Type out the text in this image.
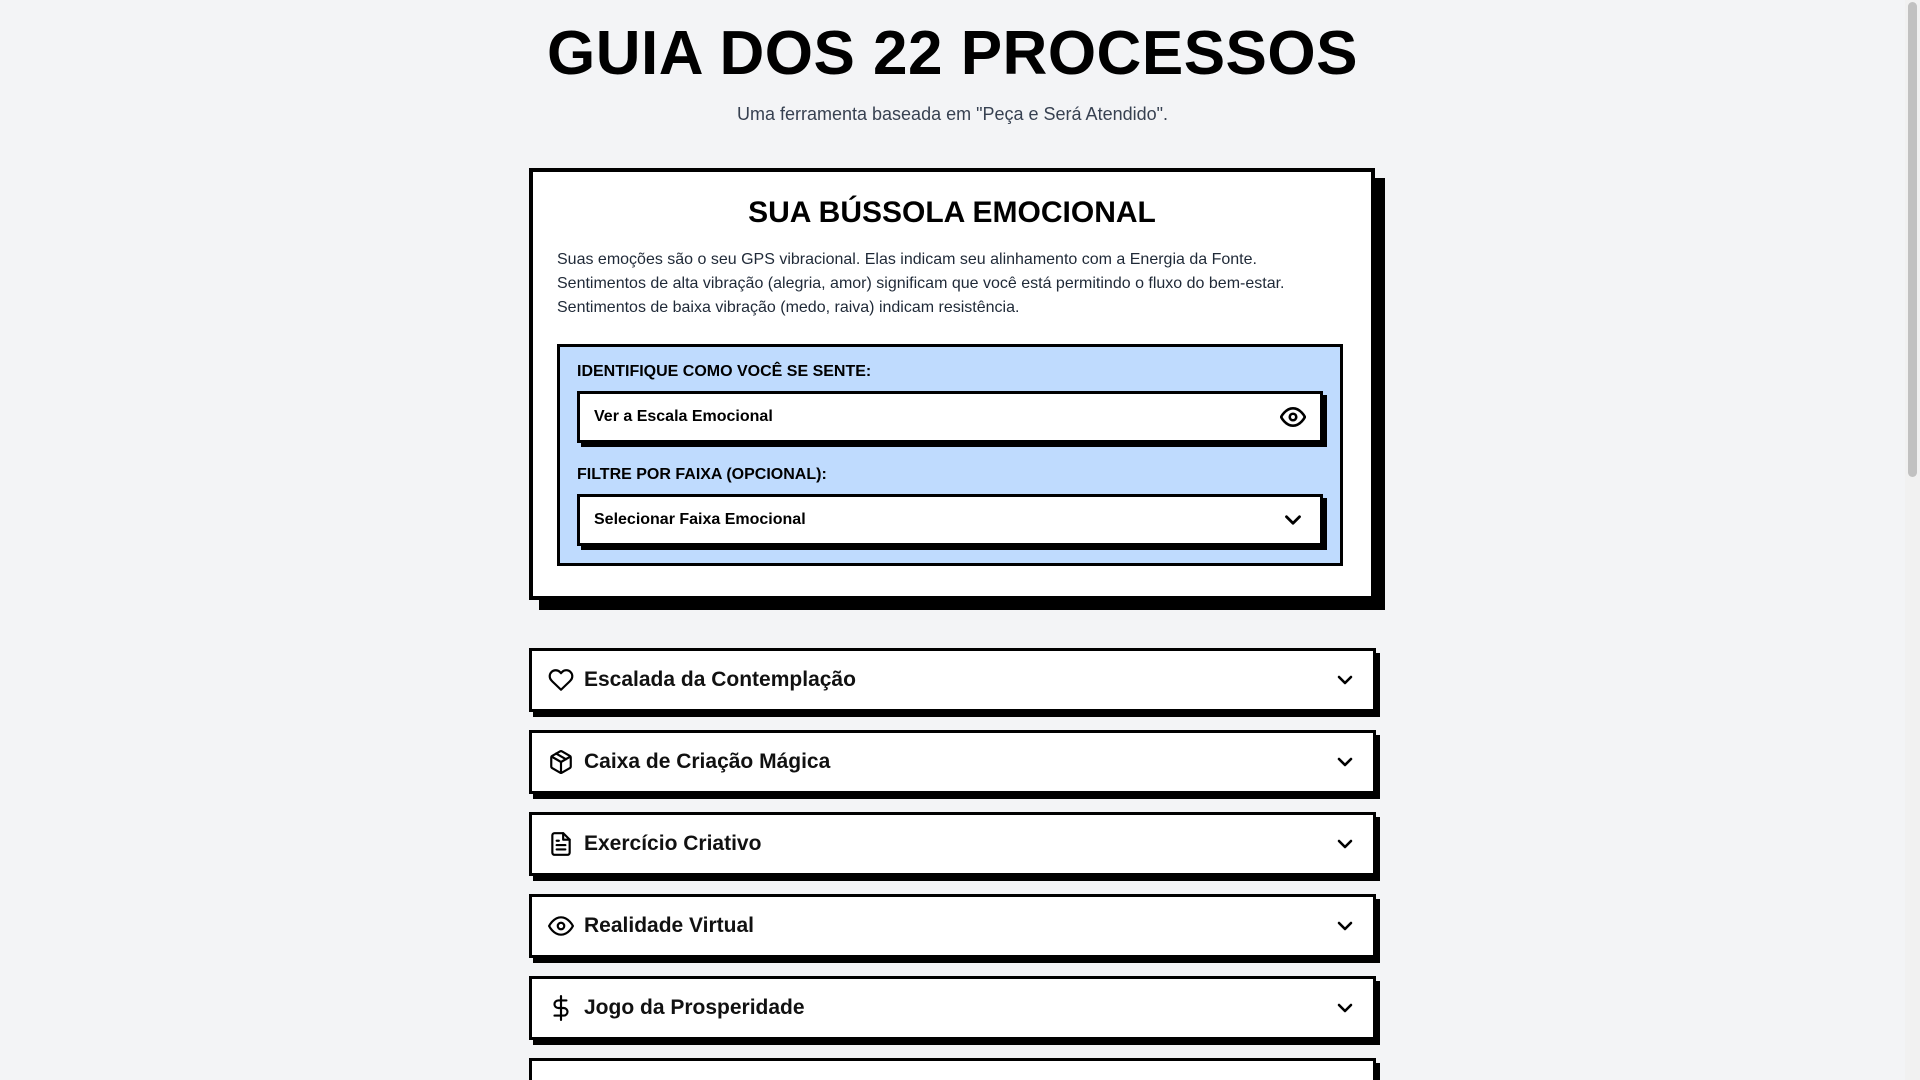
GUIA DOS 22 PROCESSOS
Uma ferramenta baseada em "Peça e Será Atendido".
SUA BÚSSOLA EMOCIONAL

Suas emoções são o seu GPS vibracional. Elas indicam seu alinhamento com a Energia da Fonte. Sentimentos de alta vibração (alegria, amor) significam que você está permitindo o fluxo do bem-estar. Sentimentos de baixa vibração (medo, raiva) indicam resistência.

IDENTIFIQUE COMO VOCÊ SE SENTE:
Ver a Escala Emocional
FILTRE POR FAIXA (OPCIONAL):
Selecionar Faixa Emocional
Escalada da Contemplação
Caixa de Criação Mágica
Exercício Criativo
Realidade Virtual
Jogo da Prosperidade
